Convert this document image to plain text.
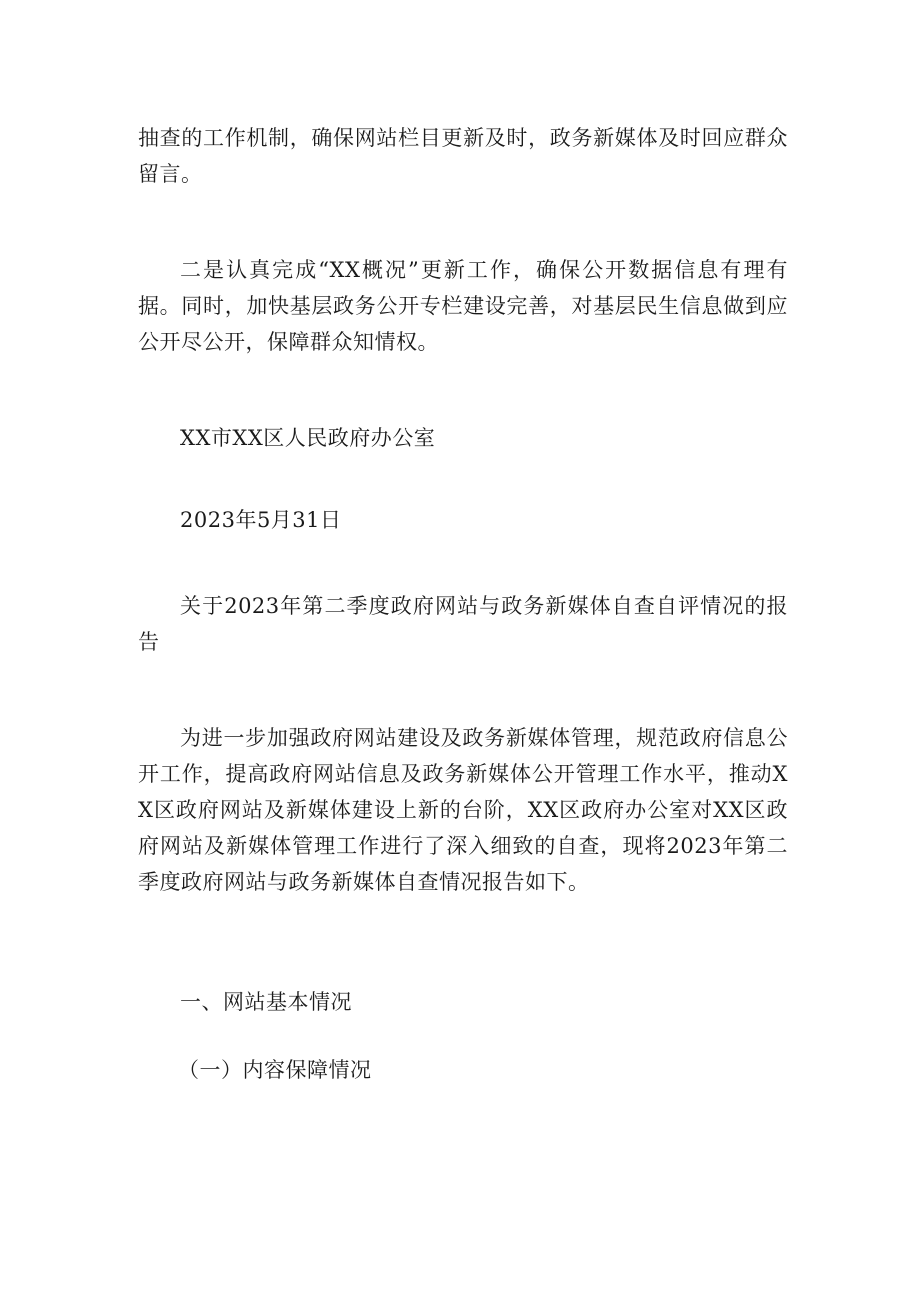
抽查的工作机制，确保网站栏目更新及时，政务新媒体及时回应群众留言。

二是认真完成“XX概况”更新工作，确保公开数据信息有理有据。同时，加快基层政务公开专栏建设完善，对基层民生信息做到应公开尽公开，保障群众知情权。

XX市XX区人民政府办公室

2023年5月31日

关于2023年第二季度政府网站与政务新媒体自查自评情况的报告

为进一步加强政府网站建设及政务新媒体管理，规范政府信息公开工作，提高政府网站信息及政务新媒体公开管理工作水平，推动XX区政府网站及新媒体建设上新的台阶，XX区政府办公室对XX区政府网站及新媒体管理工作进行了深入细致的自查，现将2023年第二季度政府网站与政务新媒体自查情况报告如下。

一、网站基本情况

（一）内容保障情况
